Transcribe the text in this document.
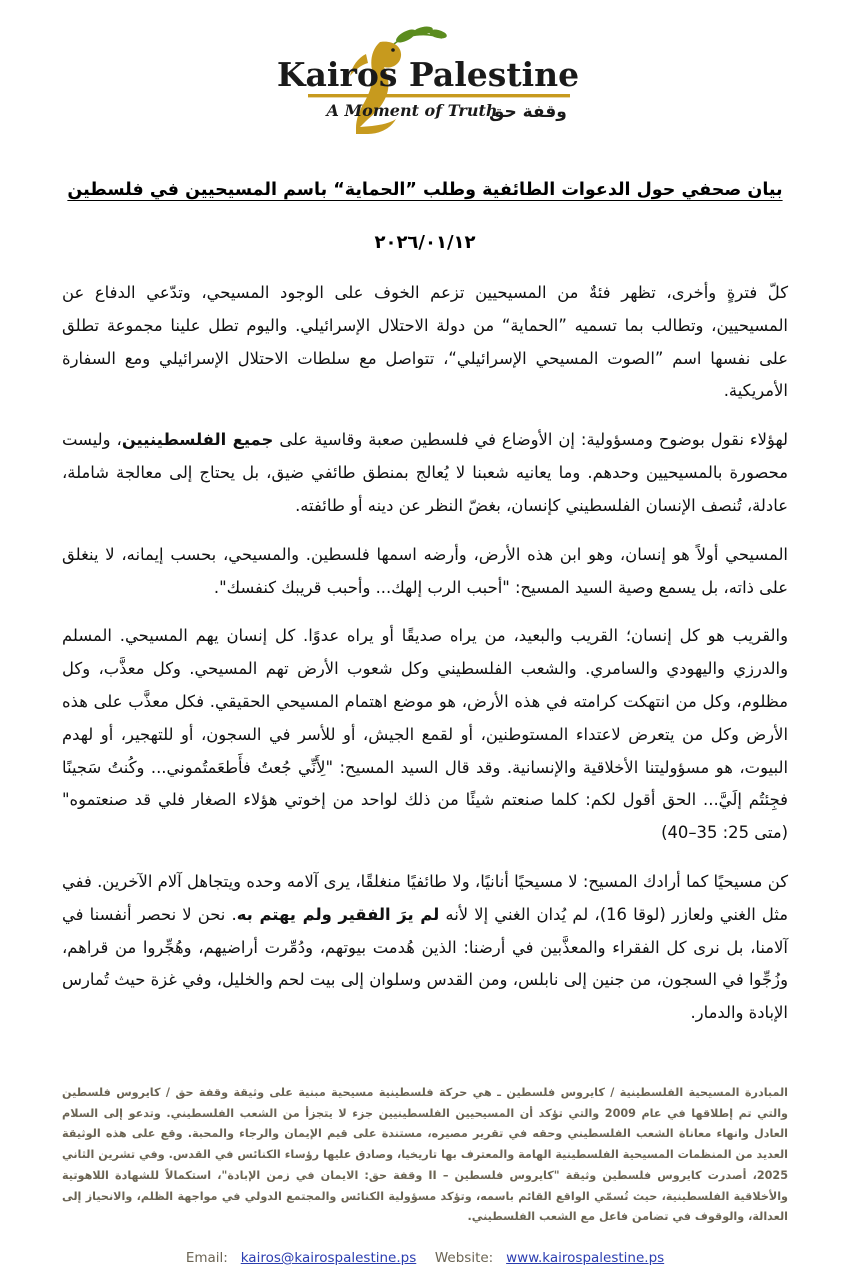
Kairos Palestine
A Moment of Truth
وقفة حق
بيان صحفي حول الدعوات الطائفية وطلب ”الحماية“ باسم المسيحيين في فلسطين
٢٠٢٦/٠١/١٢

كلّ فترةٍ وأخرى، تظهر فئةٌ من المسيحيين تزعم الخوف على الوجود المسيحي، وتدّعي الدفاع عن المسيحيين، وتطالب بما تسميه ”الحماية“ من دولة الاحتلال الإسرائيلي. واليوم تطل علينا مجموعة تطلق على نفسها اسم ”الصوت المسيحي الإسرائيلي“، تتواصل مع سلطات الاحتلال الإسرائيلي ومع السفارة الأمريكية.

لهؤلاء نقول بوضوح ومسؤولية: إن الأوضاع في فلسطين صعبة وقاسية على جميع الفلسطينيين، وليست محصورة بالمسيحيين وحدهم. وما يعانيه شعبنا لا يُعالج بمنطق طائفي ضيق، بل يحتاج إلى معالجة شاملة، عادلة، تُنصف الإنسان الفلسطيني كإنسان، بغضّ النظر عن دينه أو طائفته.

المسيحي أولاً هو إنسان، وهو ابن هذه الأرض، وأرضه اسمها فلسطين. والمسيحي، بحسب إيمانه، لا ينغلق على ذاته، بل يسمع وصية السيد المسيح: "أحبب الرب إلهك... وأحبب قريبك كنفسك".

والقريب هو كل إنسان؛ القريب والبعيد، من يراه صديقًا أو يراه عدوًا. كل إنسان يهم المسيحي. المسلم والدرزي واليهودي والسامري. والشعب الفلسطيني وكل شعوب الأرض تهم المسيحي. وكل معذَّب، وكل مظلوم، وكل من انتهكت كرامته في هذه الأرض، هو موضع اهتمام المسيحي الحقيقي. فكل معذَّب على هذه الأرض وكل من يتعرض لاعتداء المستوطنين، أو لقمع الجيش، أو للأسر في السجون، أو للتهجير، أو لهدم البيوت، هو مسؤوليتنا الأخلاقية والإنسانية. وقد قال السيد المسيح: "لِأَنِّي جُعتُ فأَطعَمتُموني... وكُنتُ سَجينًا فجِئتُم إلَيَّ... الحق أقول لكم: كلما صنعتم شيئًا من ذلك لواحد من إخوتي هؤلاء الصغار فلي قد صنعتموه" (متى 25: 35–40)

كن مسيحيًا كما أرادك المسيح: لا مسيحيًا أنانيًا، ولا طائفيًا منغلقًا، يرى آلامه وحده ويتجاهل آلام الآخرين. ففي مثل الغني ولعازر (لوقا 16)، لم يُدان الغني إلا لأنه لم يرَ الفقير ولم يهتم به. نحن لا نحصر أنفسنا في آلامنا، بل نرى كل الفقراء والمعذَّبين في أرضنا: الذين هُدمت بيوتهم، ودُمِّرت أراضيهم، وهُجِّروا من قراهم، وزُجِّوا في السجون، من جنين إلى نابلس، ومن القدس وسلوان إلى بيت لحم والخليل، وفي غزة حيث تُمارس الإبادة والدمار.

المبادرة المسيحية الفلسطينية / كايروس فلسطين ـ هي حركة فلسطينية مسيحية مبنية على وثيقة وقفة حق / كايروس فلسطين والتي تم إطلاقها في عام 2009 والتي تؤكد أن المسيحيين الفلسطينيين جزء لا يتجزأ من الشعب الفلسطيني. وتدعو إلى السلام العادل وانهاء معاناة الشعب الفلسطيني وحقه في تقرير مصيره، مستندة على قيم الإيمان والرجاء والمحبة. وقع على هذه الوثيقة العديد من المنظمات المسيحية الفلسطينية الهامة والمعترف بها تاريخيا، وصادق عليها رؤساء الكنائس في القدس. وفي تشرين الثاني 2025، أصدرت كايروس فلسطين وثيقة "كايروس فلسطين – II وقفة حق: الايمان في زمن الإبادة"، استكمالاً للشهادة اللاهوتية والأخلاقية الفلسطينية، حيث تُسمّي الواقع القائم باسمه، وتؤكد مسؤولية الكنائس والمجتمع الدولي في مواجهة الظلم، والانحياز إلى العدالة، والوقوف في تضامن فاعل مع الشعب الفلسطيني.

Email: kairos@kairospalestine.ps Website: www.kairospalestine.ps
